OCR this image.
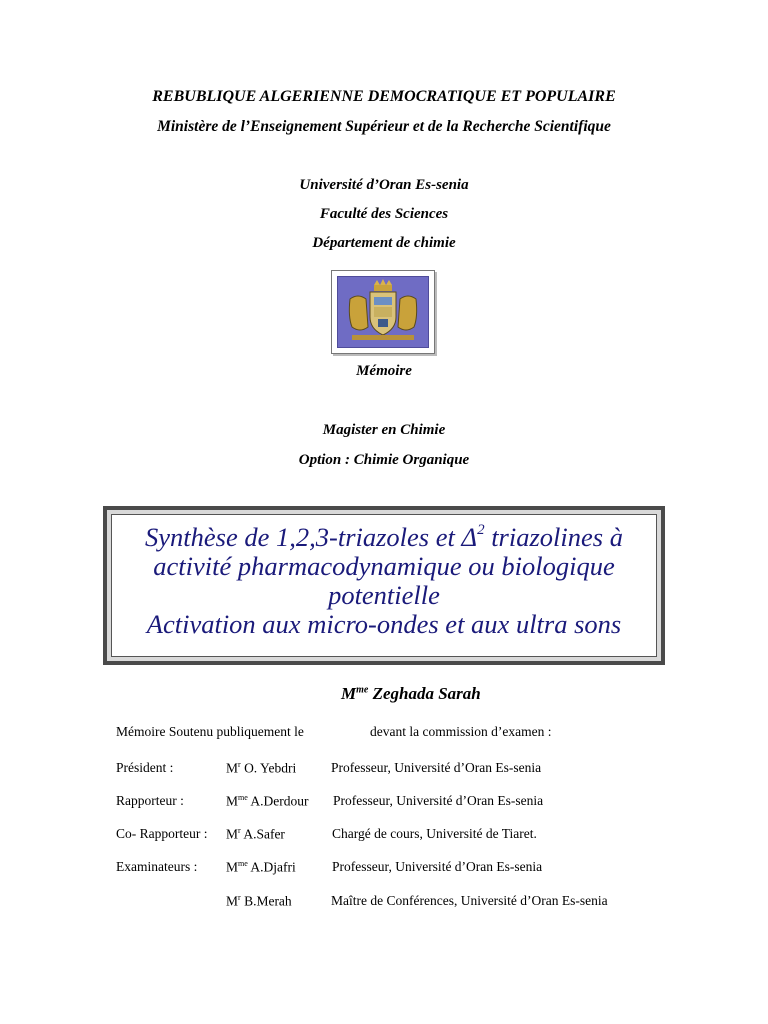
REBUBLIQUE ALGERIENNE DEMOCRATIQUE ET POPULAIRE
Ministère de l’Enseignement Supérieur et de la Recherche Scientifique
Université d’Oran Es-senia
Faculté des Sciences
Département de chimie
Mémoire
Magister en Chimie
Option : Chimie Organique
Synthèse de 1,2,3-triazoles et $\Delta^2$ triazolines à
activité pharmacodynamique ou biologique
potentielle
Activation aux micro-ondes et aux ultra sons
$M^{me}$ Zeghada Sarah
Mémoire Soutenu publiquement le	devant la commission d’examen :
Président :	$M^r$ O. Yebdri	Professeur, Université d’Oran Es-senia
Rapporteur :	$M^{me}$ A.Derdour Professeur, Université d’Oran Es-senia
Co- Rapporteur : $M^r$ A.Safer	Chargé de cours, Université de Tiaret.
Examinateurs : $M^{me}$ A.Djafri	Professeur, Université d’Oran Es-senia
$M^r$ B.Merah	Maître de Conférences, Université d’Oran Es-senia
